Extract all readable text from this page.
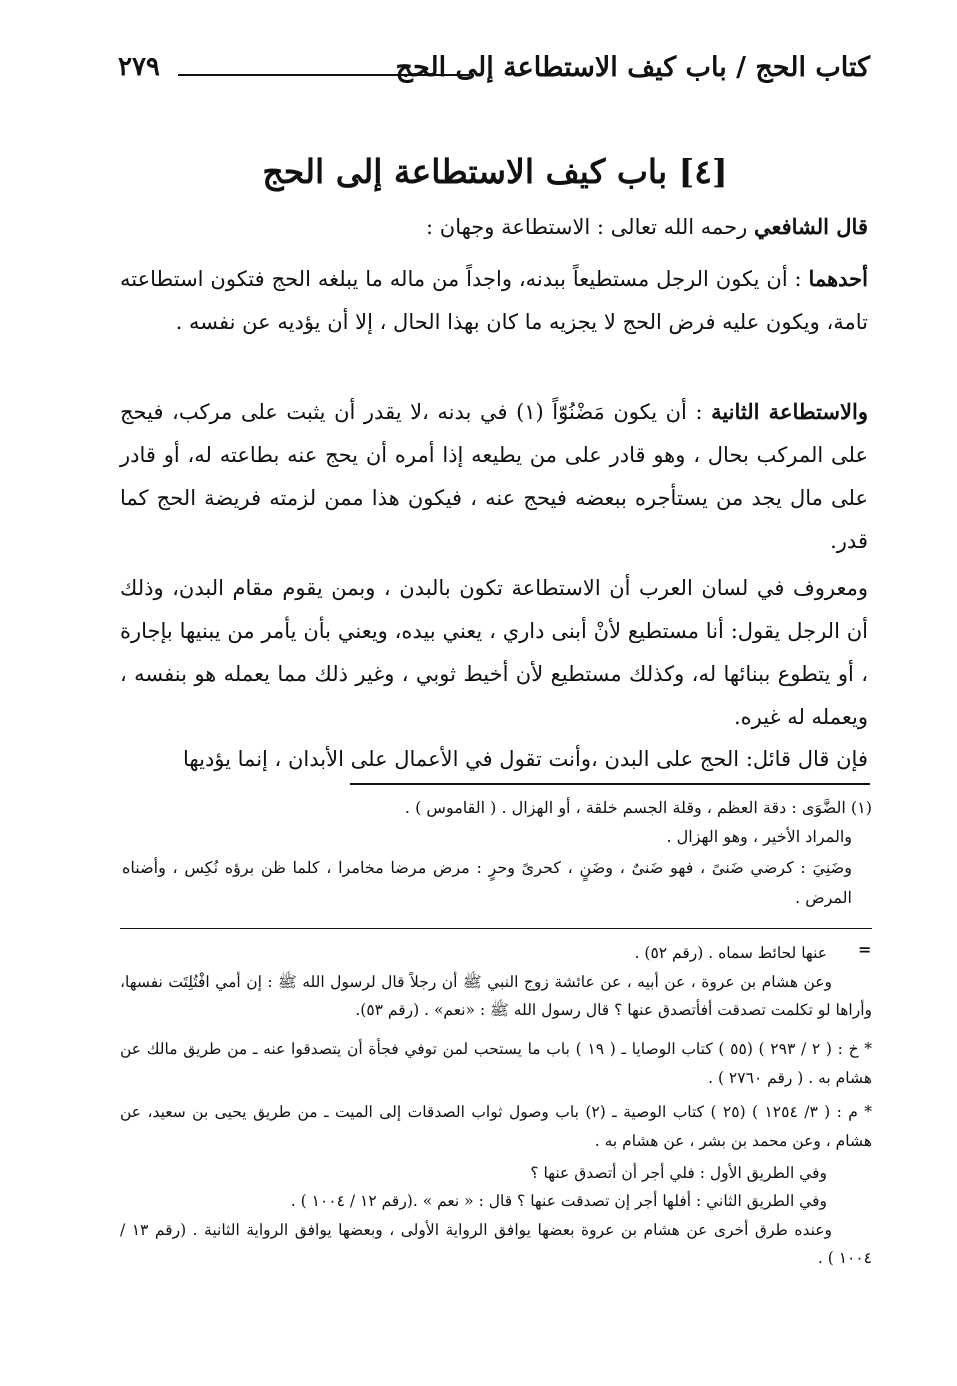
كتاب الحج / باب كيف الاستطاعة إلى الحج
٢٧٩
[٤] باب كيف الاستطاعة إلى الحج

قال الشافعي رحمه الله تعالى : الاستطاعة وجهان :

أحدهما : أن يكون الرجل مستطيعاً ببدنه، واجداً من ماله ما يبلغه الحج فتكون استطاعته تامة، ويكون عليه فرض الحج لا يجزيه ما كان بهذا الحال ، إلا أن يؤديه عن نفسه .

والاستطاعة الثانية : أن يكون مَضْنُوّاً (١) في بدنه ،لا يقدر أن يثبت على مركب، فيحج على المركب بحال ، وهو قادر على من يطيعه إذا أمره أن يحج عنه بطاعته له، أو قادر على مال يجد من يستأجره ببعضه فيحج عنه ، فيكون هذا ممن لزمته فريضة الحج كما قدر.

ومعروف في لسان العرب أن الاستطاعة تكون بالبدن ، وبمن يقوم مقام البدن، وذلك أن الرجل يقول: أنا مستطيع لأنْ أبنى داري ، يعني بيده، ويعني بأن يأمر من يبنيها بإجارة ، أو يتطوع ببنائها له، وكذلك مستطيع لأن أخيط ثوبي ، وغير ذلك مما يعمله هو بنفسه ، ويعمله له غيره.

فإن قال قائل: الحج على البدن ،وأنت تقول في الأعمال على الأبدان ، إنما يؤديها

(١) الضَّوَى : دقة العظم ، وقلة الجسم خلقة ، أو الهزال . ( القاموس ) .

والمراد الأخير ، وهو الهزال .

وضَنِيَ : كرضي ضَنىً ، فهو ضَنىٌ ، وضَنٍ ، كحرىً وحرٍ : مرض مرضا مخامرا ، كلما ظن برؤه نُكِس ، وأضناه المرض .

=

عنها لحائط سماه . (رقم ٥٢) .

وعن هشام بن عروة ، عن أبيه ، عن عائشة زوج النبي ﷺ أن رجلاً قال لرسول الله ﷺ : إن أمي افْتُلِتَت نفسها، وأراها لو تكلمت تصدقت أفأتصدق عنها ؟ قال رسول الله ﷺ : «نعم» . (رقم ٥٣).

* خ : ( ٢ / ٢٩٣ ) (٥٥ ) كتاب الوصايا ـ ( ١٩ ) باب ما يستحب لمن توفي فجأة أن يتصدقوا عنه ـ من طريق مالك عن هشام به . ( رقم ٢٧٦٠ ) .

* م : ( ٣/ ١٢٥٤ ) (٢٥ ) كتاب الوصية ـ (٢) باب وصول ثواب الصدقات إلى الميت ـ من طريق يحيى بن سعيد، عن هشام ، وعن محمد بن بشر ، عن هشام به .

وفي الطريق الأول : فلي أجر أن أتصدق عنها ؟

وفي الطريق الثاني : أفلها أجر إن تصدقت عنها ؟ قال : « نعم » .(رقم ١٢ / ١٠٠٤ ) .

وعنده طرق أخرى عن هشام بن عروة بعضها يوافق الرواية الأولى ، وبعضها يوافق الرواية الثانية . (رقم ١٣ / ١٠٠٤ ) .
